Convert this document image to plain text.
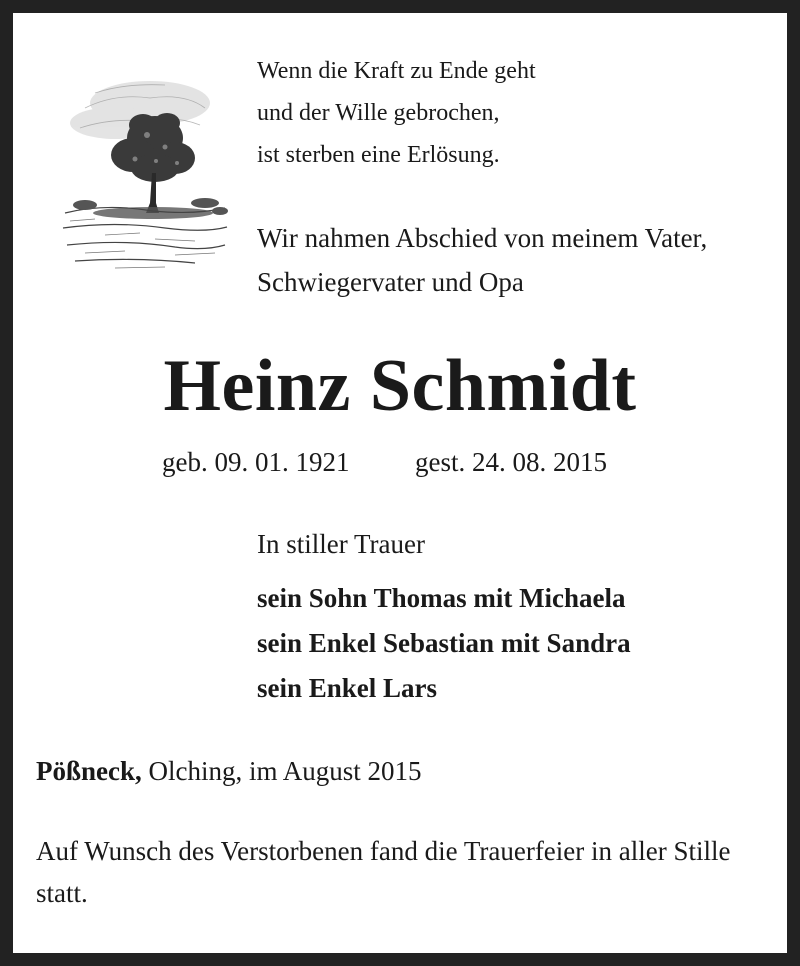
Wenn die Kraft zu Ende geht
und der Wille gebrochen,
ist sterben eine Erlösung.
Wir nahmen Abschied von meinem Vater,
Schwiegervater und Opa
Heinz Schmidt
geb. 09. 01. 1921 gest. 24. 08. 2015
In stiller Trauer
sein Sohn Thomas mit Michaela
sein Enkel Sebastian mit Sandra
sein Enkel Lars
Pößneck, Olching, im August 2015
Auf Wunsch des Verstorbenen fand die Trauerfeier in aller Stille statt.
